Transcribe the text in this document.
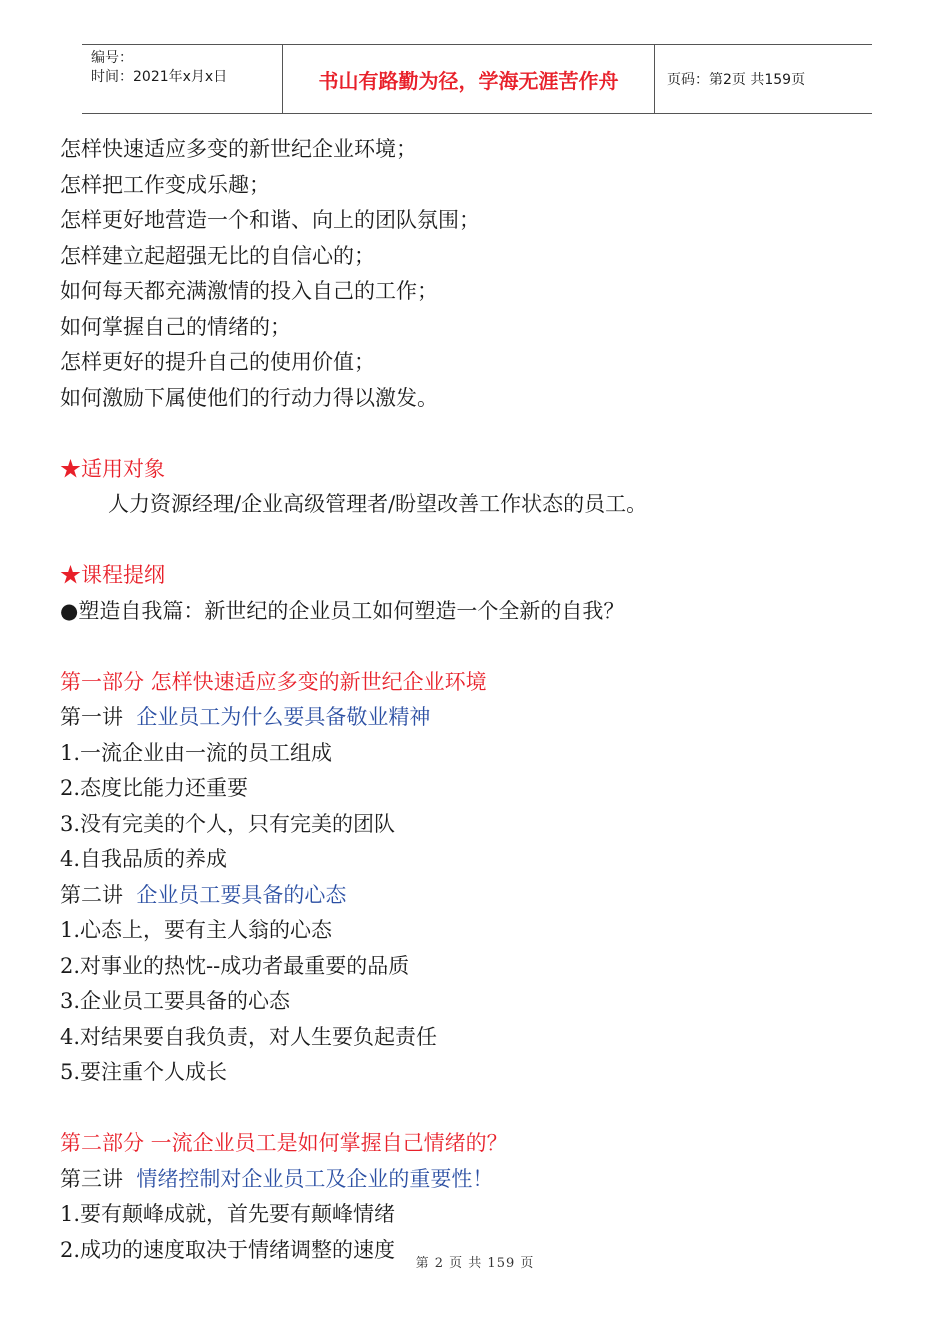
编号：
时间：2021年x月x日	书山有路勤为径，学海无涯苦作舟	页码：第2页 共159页
怎样快速适应多变的新世纪企业环境；
怎样把工作变成乐趣；
怎样更好地营造一个和谐、向上的团队氛围；
怎样建立起超强无比的自信心的；
如何每天都充满激情的投入自己的工作；
如何掌握自己的情绪的；
怎样更好的提升自己的使用价值；
如何激励下属使他们的行动力得以激发。
★适用对象
人力资源经理/企业高级管理者/盼望改善工作状态的员工。
★课程提纲
●塑造自我篇：新世纪的企业员工如何塑造一个全新的自我？
第一部分 怎样快速适应多变的新世纪企业环境
第一讲 企业员工为什么要具备敬业精神
1.一流企业由一流的员工组成
2.态度比能力还重要
3.没有完美的个人，只有完美的团队
4.自我品质的养成
第二讲 企业员工要具备的心态
1.心态上，要有主人翁的心态
2.对事业的热忱--成功者最重要的品质
3.企业员工要具备的心态
4.对结果要自我负责，对人生要负起责任
5.要注重个人成长
第二部分 一流企业员工是如何掌握自己情绪的？
第三讲 情绪控制对企业员工及企业的重要性！
1.要有颠峰成就，首先要有颠峰情绪
2.成功的速度取决于情绪调整的速度
第 2 页 共 159 页
